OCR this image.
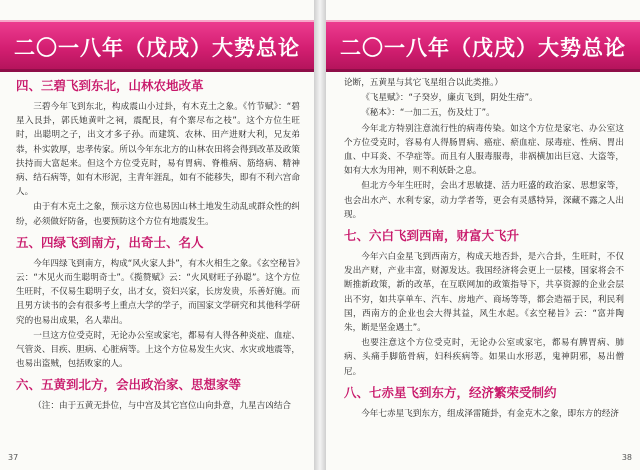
二〇一八年（戊戌）大势总论
四、三碧飞到东北，山林农地改革

三碧今年飞到东北，构成震山小过卦，有木克土之象。《竹节赋》：“碧星入艮卦，郭氏她黄叶之祠，震配艮，有个寨尽布之枝”。这个方位生旺时，出聪明之子，出文才多子孙。而建筑、农林、田产进财大利，兄友弟恭，朴实敦厚，忠孝传家。所以今年东北方的山林农田将会得到改革及政策扶持而大富起来。但这个方位受克时，易有胃病、脊椎病、筋络病、精神病、结石病等，如有木形泥，主青年涯乱，如有不能移失，即有不利六宫命人。

由于有木克土之象，预示这方位也易因山林土地发生动乱或群众性的纠纷，必须做好防备，也要预防这个方位有地震发生。

五、四绿飞到南方，出奇士、名人

今年四绿飞到南方，构成“风火家人卦”，有木火相生之象。《玄空秘旨》云：“木见火而生聪明奇士”。《揽赞赋》云：“火风财旺子孙聪”。这个方位生旺时，不仅易生聪明子女，出才女，资妇兴家，长房发贵，乐善好施。而且男方读书的会有很多考上重点大学的学子，而国家文学研究和其他科学研究的也易出成果，名人辈出。

一旦这方位受克时，无论办公室或家宅，都易有人得各种炎症、血症、气管炎、目疾、胆病、心脏病等。上这个方位易发生火灾、水灾或地震等，也易出盗贼，包括败家的人。

六、五黄到北方，会出政治家、思想家等

（注：由于五黄无卦位，与中宫及其它宫位山向卦意，九星吉凶结合

37
二〇一八年（戊戌）大势总论

论断，五黄星与其它飞星组合以此类推。）

《飞星赋》：“子癸岁，廉贞飞到，阴处生瘖”。

《秘本》：“一加二五，伤及灶丁”。

今年北方特别注意流行性的病毒传染。如这个方位是家宅、办公室这个方位受克时，容易有人得肠胃病、癌症、瘀血症、尿毒症、性病、胃出血、中耳炎、不孕症等。而且有人服毒服毒，非祸横加出巨寇、大盗等，如有大水为用神，则不利妖卧之息。

但北方今年生旺时，会出才思敏捷、活力旺盛的政治家、思想家等，也会出水产、水利专家，动力学者等，更会有灵感特异，深藏不露之人出现。

七、六白飞到西南，财富大飞升

今年六白金星飞到西南方，构成天地否卦，是六合卦，生旺时，不仅发出产财，产业丰富，财源发达。我国经济将会更上一层楼，国家将会不断推新政策，新的改革，在互联网加的政策指导下，共享资源的企业会层出不穷，如共享单车、汽车、房地产、商场等等，都会造福于民，利民利国，西南方的企业也会大得其益，风生水起。《玄空秘旨》云：“富并陶朱，断是坚金遇土”。

也要注意这个方位受克时，无论办公室或家宅，都易有脾胃病、肺病、头痛手脚筋骨病，妇科疾病等。如果山水形恶，鬼神阴邪，易出僧尼。

八、七赤星飞到东方，经济繁荣受制约

今年七赤星飞到东方，组成泽雷随卦，有金克木之象，即东方的经济

38
